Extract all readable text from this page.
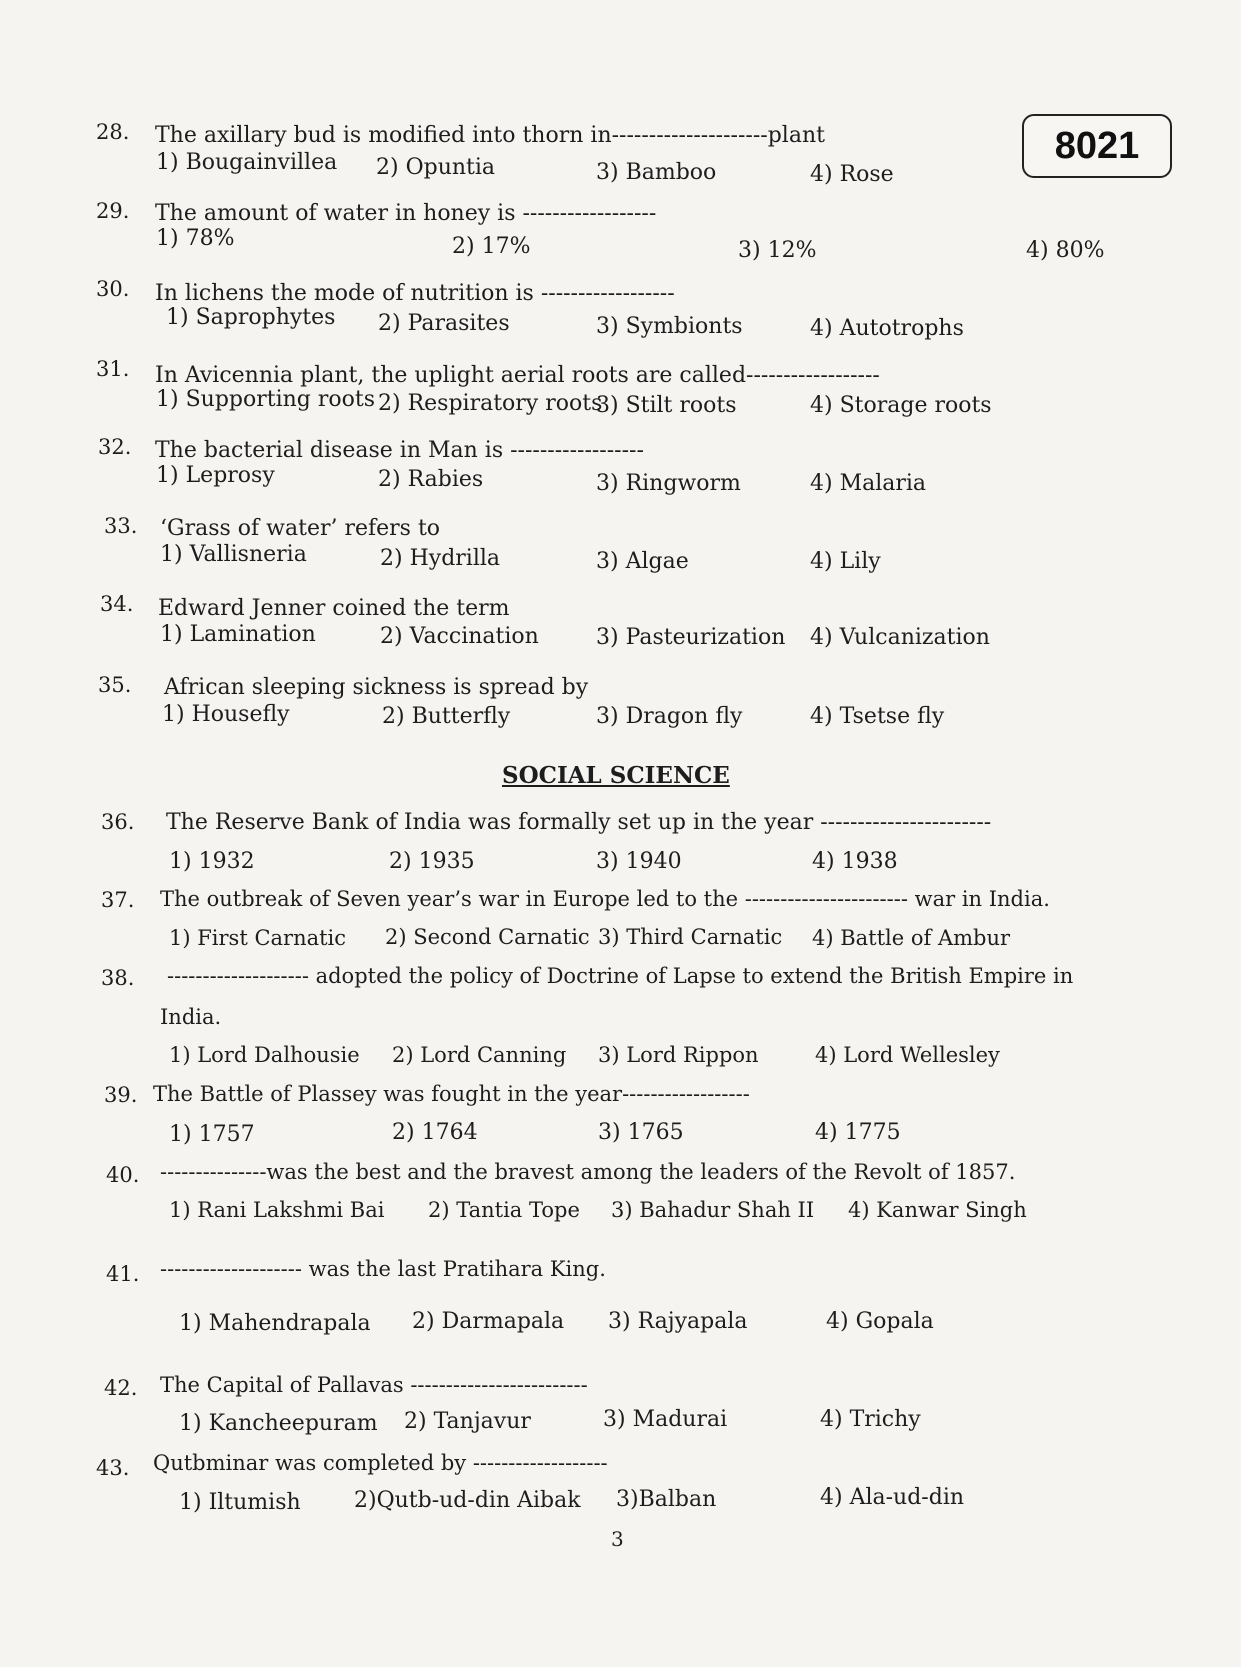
8021
28. The axillary bud is modified into thorn in---------------------plant
1) Bougainvillea 2) Opuntia	3) Bamboo	4) Rose
29. The amount of water in honey is ------------------
1) 78%	2) 17%	3) 12%	4) 80%
30. In lichens the mode of nutrition is ------------------
1) Saprophytes 2) Parasites	3) Symbionts	4) Autotrophs
31. In Avicennia plant, the uplight aerial roots are called------------------
1) Supporting roots 2) Respiratory roots
3) Stilt roots	4) Storage roots
32. The bacterial disease in Man is ------------------
1) Leprosy	2) Rabies	3) Ringworm	4) Malaria
33. ‘Grass of water’ refers to
1) Vallisneria	2) Hydrilla	3) Algae	4) Lily
34. Edward Jenner coined the term
1) Lamination	2) Vaccination	3) Pasteurization 4) Vulcanization
35. African sleeping sickness is spread by
1) Housefly	2) Butterfly	3) Dragon fly	4) Tsetse fly
SOCIAL SCIENCE
36. The Reserve Bank of India was formally set up in the year -----------------------
1) 1932	2) 1935	3) 1940	4) 1938
37. The outbreak of Seven year’s war in Europe led to the ----------------------- war in India.
1) First Carnatic 2) Second Carnatic 3) Third Carnatic 4) Battle of Ambur
38. -------------------- adopted the policy of Doctrine of Lapse to extend the British Empire in
India.
1) Lord Dalhousie 2) Lord Canning 3) Lord Rippon	4) Lord Wellesley
39. The Battle of Plassey was fought in the year------------------
1) 1757	2) 1764	3) 1765	4) 1775
40. ---------------was the best and the bravest among the leaders of the Revolt of 1857.
1) Rani Lakshmi Bai 2) Tantia Tope 3) Bahadur Shah II 4) Kanwar Singh
41. -------------------- was the last Pratihara King.
1) Mahendrapala 2) Darmapala 3) Rajyapala	4) Gopala
42. The Capital of Pallavas -------------------------
1) Kancheepuram 2) Tanjavur	3) Madurai	4) Trichy
43. Qutbminar was completed by -------------------
1) Iltumish 2)Qutb-ud-din Aibak 3)Balban	4) Ala-ud-din
3
